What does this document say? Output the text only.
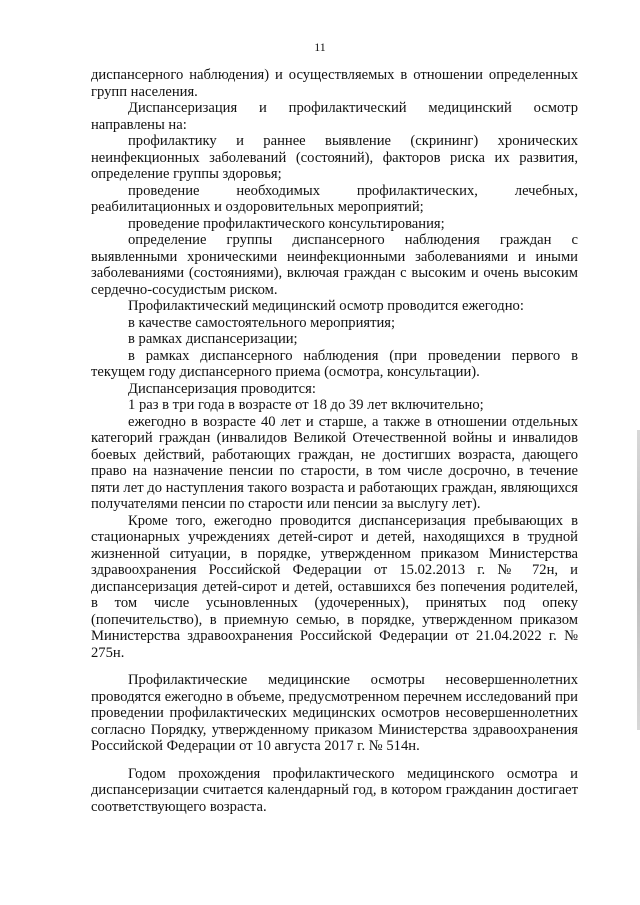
11

диспансерного наблюдения) и осуществляемых в отношении определенных групп населения.

Диспансеризация и профилактический медицинский осмотр направлены на:

профилактику и раннее выявление (скрининг) хронических неинфекционных заболеваний (состояний), факторов риска их развития, определение группы здоровья;

проведение необходимых профилактических, лечебных, реабилитационных и оздоровительных мероприятий;

проведение профилактического консультирования;

определение группы диспансерного наблюдения граждан с выявленными хроническими неинфекционными заболеваниями и иными заболеваниями (состояниями), включая граждан с высоким и очень высоким сердечно-сосудистым риском.

Профилактический медицинский осмотр проводится ежегодно:

в качестве самостоятельного мероприятия;

в рамках диспансеризации;

в рамках диспансерного наблюдения (при проведении первого в текущем году диспансерного приема (осмотра, консультации).

Диспансеризация проводится:

1 раз в три года в возрасте от 18 до 39 лет включительно;

ежегодно в возрасте 40 лет и старше, а также в отношении отдельных категорий граждан (инвалидов Великой Отечественной войны и инвалидов боевых действий, работающих граждан, не достигших возраста, дающего право на назначение пенсии по старости, в том числе досрочно, в течение пяти лет до наступления такого возраста и работающих граждан, являющихся получателями пенсии по старости или пенсии за выслугу лет).

Кроме того, ежегодно проводится диспансеризация пребывающих в стационарных учреждениях детей-сирот и детей, находящихся в трудной жизненной ситуации, в порядке, утвержденном приказом Министерства здравоохранения Российской Федерации от 15.02.2013 г. № 72н, и диспансеризация детей-сирот и детей, оставшихся без попечения родителей, в том числе усыновленных (удочеренных), принятых под опеку (попечительство), в приемную семью, в порядке, утвержденном приказом Министерства здравоохранения Российской Федерации от 21.04.2022 г. № 275н.

Профилактические медицинские осмотры несовершеннолетних проводятся ежегодно в объеме, предусмотренном перечнем исследований при проведении профилактических медицинских осмотров несовершеннолетних согласно Порядку, утвержденному приказом Министерства здравоохранения Российской Федерации от 10 августа 2017 г. № 514н.

Годом прохождения профилактического медицинского осмотра и диспансеризации считается календарный год, в котором гражданин достигает соответствующего возраста.
